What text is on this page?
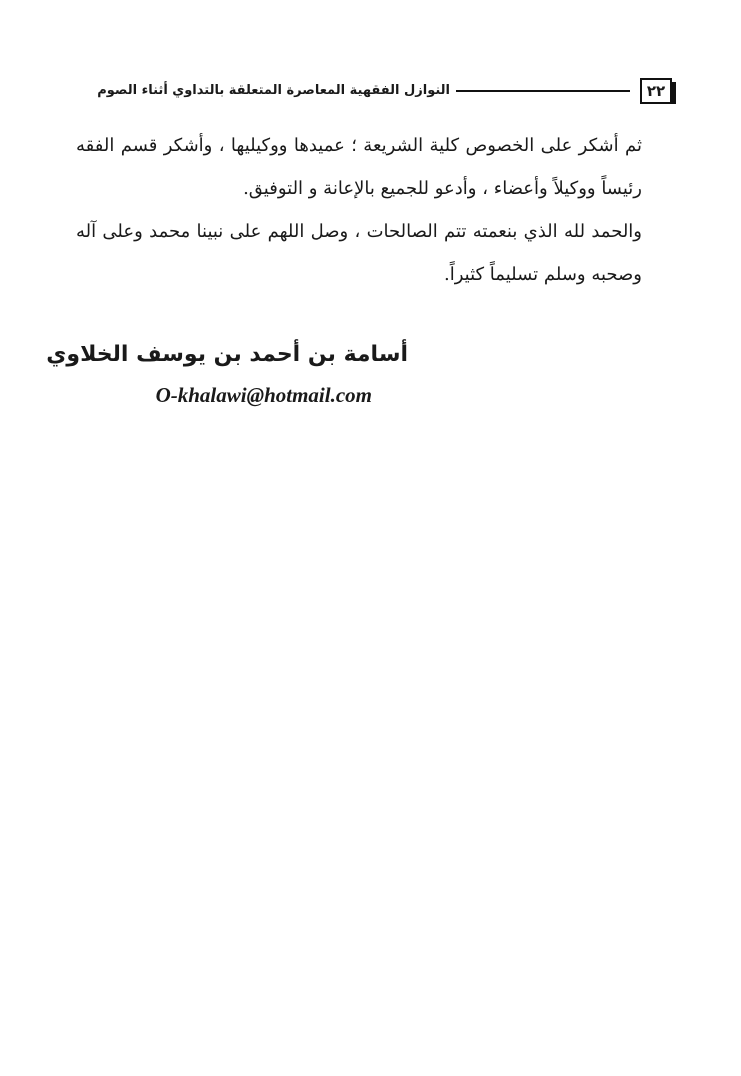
٢٢
النوازل الفقهية المعاصرة المتعلقة بالتداوي أثناء الصوم

ثم أشكر على الخصوص كلية الشريعة ؛ عميدها ووكيليها ، وأشكر قسم الفقه رئيساً ووكيلاً وأعضاء ، وأدعو للجميع بالإعانة و التوفيق.

والحمد لله الذي بنعمته تتم الصالحات ، وصل اللهم على نبينا محمد وعلى آله وصحبه وسلم تسليماً كثيراً.

أسامة بن أحمد بن يوسف الخلاوي
O-khalawi@hotmail.com
